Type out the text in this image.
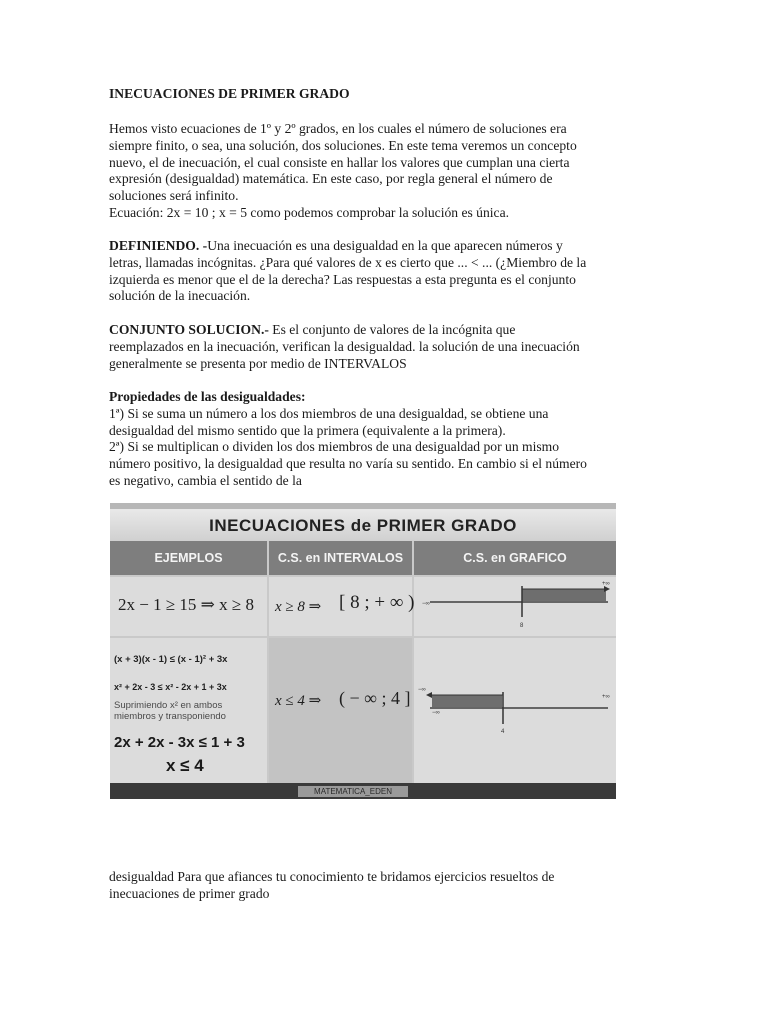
INECUACIONES DE PRIMER GRADO

Hemos visto ecuaciones de 1º y 2º grados, en los cuales el número de soluciones era
siempre finito, o sea, una solución, dos soluciones. En este tema veremos un concepto
nuevo, el de inecuación, el cual consiste en hallar los valores que cumplan una cierta
expresión (desigualdad) matemática. En este caso, por regla general el número de
soluciones será infinito.
Ecuación: 2x = 10 ; x = 5 como podemos comprobar la solución es única.

DEFINIENDO. -Una inecuación es una desigualdad en la que aparecen números y
letras, llamadas incógnitas. ¿Para qué valores de x es cierto que ... < ... (¿Miembro de la
izquierda es menor que el de la derecha? Las respuestas a esta pregunta es el conjunto
solución de la inecuación.

CONJUNTO SOLUCION.- Es el conjunto de valores de la incógnita que
reemplazados en la inecuación, verifican la desigualdad. la solución de una inecuación
generalmente se presenta por medio de INTERVALOS

Propiedades de las desigualdades:
1ª) Si se suma un número a los dos miembros de una desigualdad, se obtiene una
desigualdad del mismo sentido que la primera (equivalente a la primera).
2ª) Si se multiplican o dividen los dos miembros de una desigualdad por un mismo
número positivo, la desigualdad que resulta no varía su sentido. En cambio si el número
es negativo, cambia el sentido de la

INECUACIONES de PRIMER GRADO
EJEMPLOS	C.S. en INTERVALOS	C.S. en GRAFICO
2x − 1 ≥ 15 ⇒ x ≥ 8 x ≥ 8 ⇒ [ 8 ; + ∞ ) −∞
+∞
8
(x + 3)(x - 1) ≤ (x - 1)² + 3x
x² + 2x - 3 ≤ x² - 2x + 1 + 3x
Suprimiendo x² en ambos miembros y transponiendo
2x + 2x - 3x ≤ 1 + 3
x ≤ 4
x ≤ 4 ⇒ ( − ∞ ; 4 ] −∞
−∞
+∞
4
MATEMATICA_EDEN

desigualdad Para que afiances tu conocimiento te bridamos ejercicios resueltos de
inecuaciones de primer grado
